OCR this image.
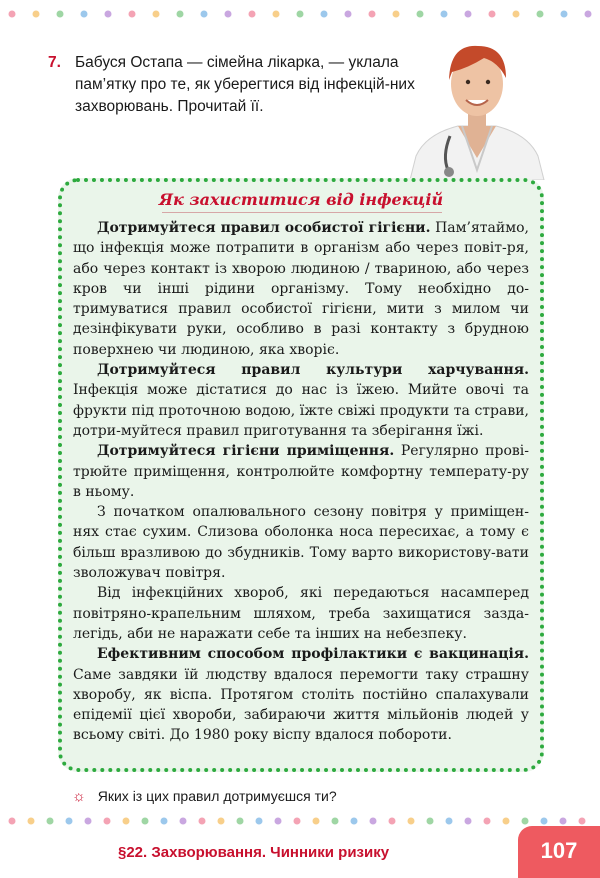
7. Бабуся Остапа — сімейна лікарка, — уклала пам’ятку про те, як уберегтися від інфекцій-них захворювань. Прочитай її.
Як захиститися від інфекцій

Дотримуйтеся правил особистої гігієни. Пам’ятаймо, що інфекція може потрапити в організм або через повіт-ря, або через контакт із хворою людиною / твариною, або через кров чи інші рідини організму. Тому необхідно до-тримуватися правил особистої гігієни, мити з милом чи дезінфікувати руки, особливо в разі контакту з брудною поверхнею чи людиною, яка хворіє.

Дотримуйтеся правил культури харчування. Інфекція може дістатися до нас із їжею. Мийте овочі та фрукти під проточною водою, їжте свіжі продукти та страви, дотри-муйтеся правил приготування та зберігання їжі.

Дотримуйтеся гігієни приміщення. Регулярно прові-трюйте приміщення, контролюйте комфортну температу-ру в ньому.

З початком опалювального сезону повітря у приміщен-нях стає сухим. Слизова оболонка носа пересихає, а тому є більш вразливою до збудників. Тому варто використову-вати зволожувач повітря.

Від інфекційних хвороб, які передаються насамперед повітряно-крапельним шляхом, треба захищатися зазда-легідь, аби не наражати себе та інших на небезпеку.

Ефективним способом профілактики є вакцинація. Саме завдяки їй людству вдалося перемогти таку страшну хворобу, як віспа. Протягом століть постійно спалахували епідемії цієї хвороби, забираючи життя мільйонів людей у всьому світі. До 1980 року віспу вдалося побороти.

☼ Яких із цих правил дотримуєшся ти?
§22. Захворювання. Чинники ризику	107
